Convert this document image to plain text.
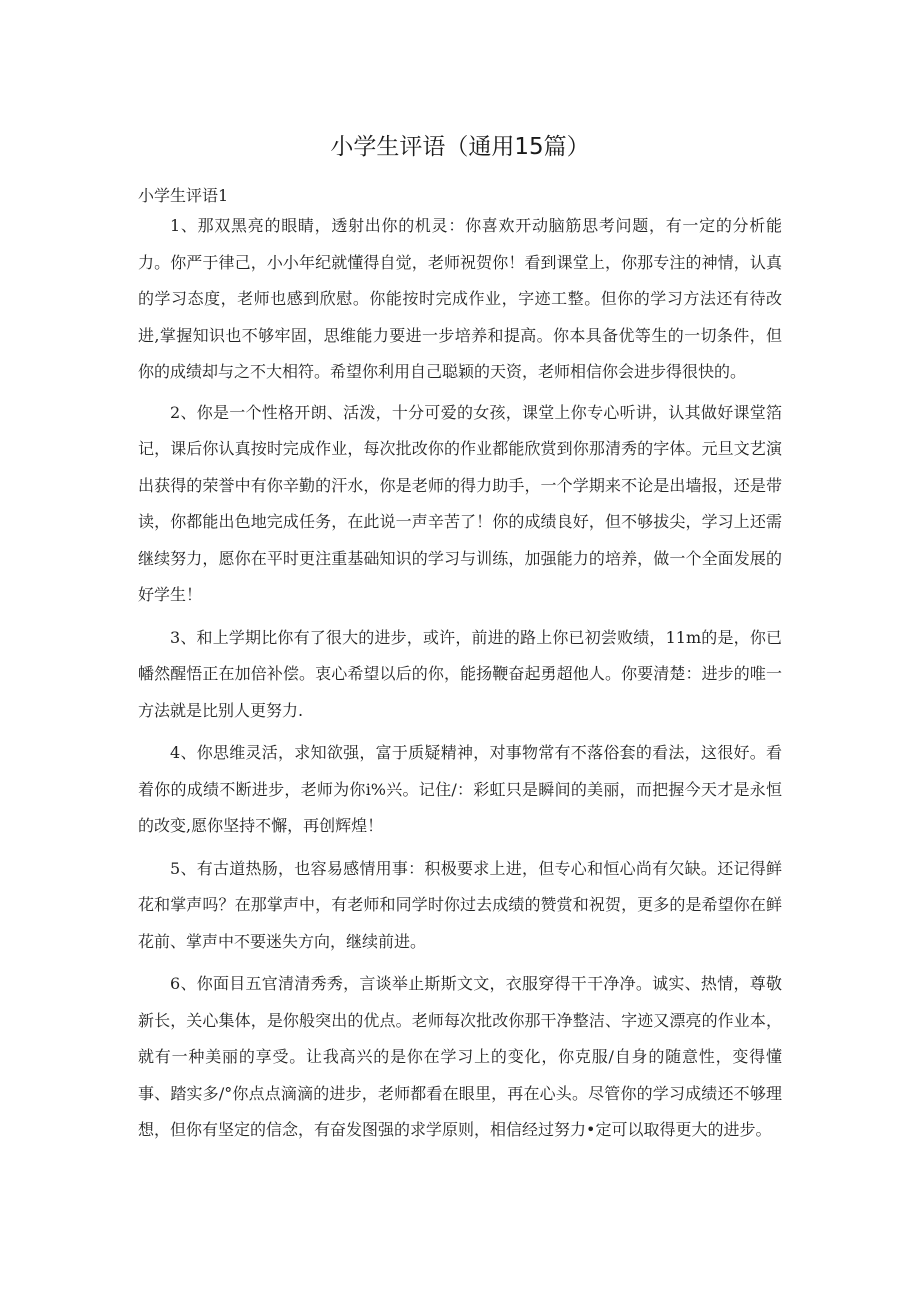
小学生评语（通用15篇）

小学生评语1

1、那双黑亮的眼睛，透射出你的机灵：你喜欢开动脑筋思考问题，有一定的分析能力。你严于律己，小小年纪就懂得自觉，老师祝贺你！看到课堂上，你那专注的神情，认真的学习态度，老师也感到欣慰。你能按时完成作业，字迹工整。但你的学习方法还有待改进,掌握知识也不够牢固，思维能力要进一步培养和提高。你本具备优等生的一切条件，但你的成绩却与之不大相符。希望你利用自己聪颖的天资，老师相信你会进步得很快的。

2、你是一个性格开朗、活泼，十分可爱的女孩，课堂上你专心听讲，认其做好课堂箔记，课后你认真按时完成作业，每次批改你的作业都能欣赏到你那清秀的字体。元旦文艺演出获得的荣誉中有你辛勤的汗水，你是老师的得力助手，一个学期来不论是出墙报，还是带读，你都能出色地完成任务，在此说一声辛苦了！你的成绩良好，但不够拔尖，学习上还需继续努力，愿你在平时更注重基础知识的学习与训练，加强能力的培养，做一个全面发展的好学生！

3、和上学期比你有了很大的进步，或许，前进的路上你已初尝败绩，11m的是，你已幡然醒悟正在加倍补偿。衷心希望以后的你，能扬鞭奋起勇超他人。你要清楚：进步的唯一方法就是比别人更努力.

4、你思维灵活，求知欲强，富于质疑精神，对事物常有不落俗套的看法，这很好。看着你的成绩不断进步，老师为你i%兴。记住/：彩虹只是瞬间的美丽，而把握今天才是永恒的改变,愿你坚持不懈，再创辉煌！

5、有古道热肠，也容易感情用事：积极要求上进，但专心和恒心尚有欠缺。还记得鲜花和掌声吗？在那掌声中，有老师和同学时你过去成绩的赞赏和祝贺，更多的是希望你在鲜花前、掌声中不要迷失方向，继续前进。

6、你面目五官清清秀秀，言谈举止斯斯文文，衣服穿得干干净净。诚实、热情，尊敬新长，关心集体，是你般突出的优点。老师每次批改你那干净整洁、字迹又漂亮的作业本，就有一种美丽的享受。让我高兴的是你在学习上的变化，你克服/自身的随意性，变得懂事、踏实多/°你点点滴滴的进步，老师都看在眼里，再在心头。尽管你的学习成绩还不够理想，但你有坚定的信念，有奋发图强的求学原则，相信经过努力•定可以取得更大的进步。
